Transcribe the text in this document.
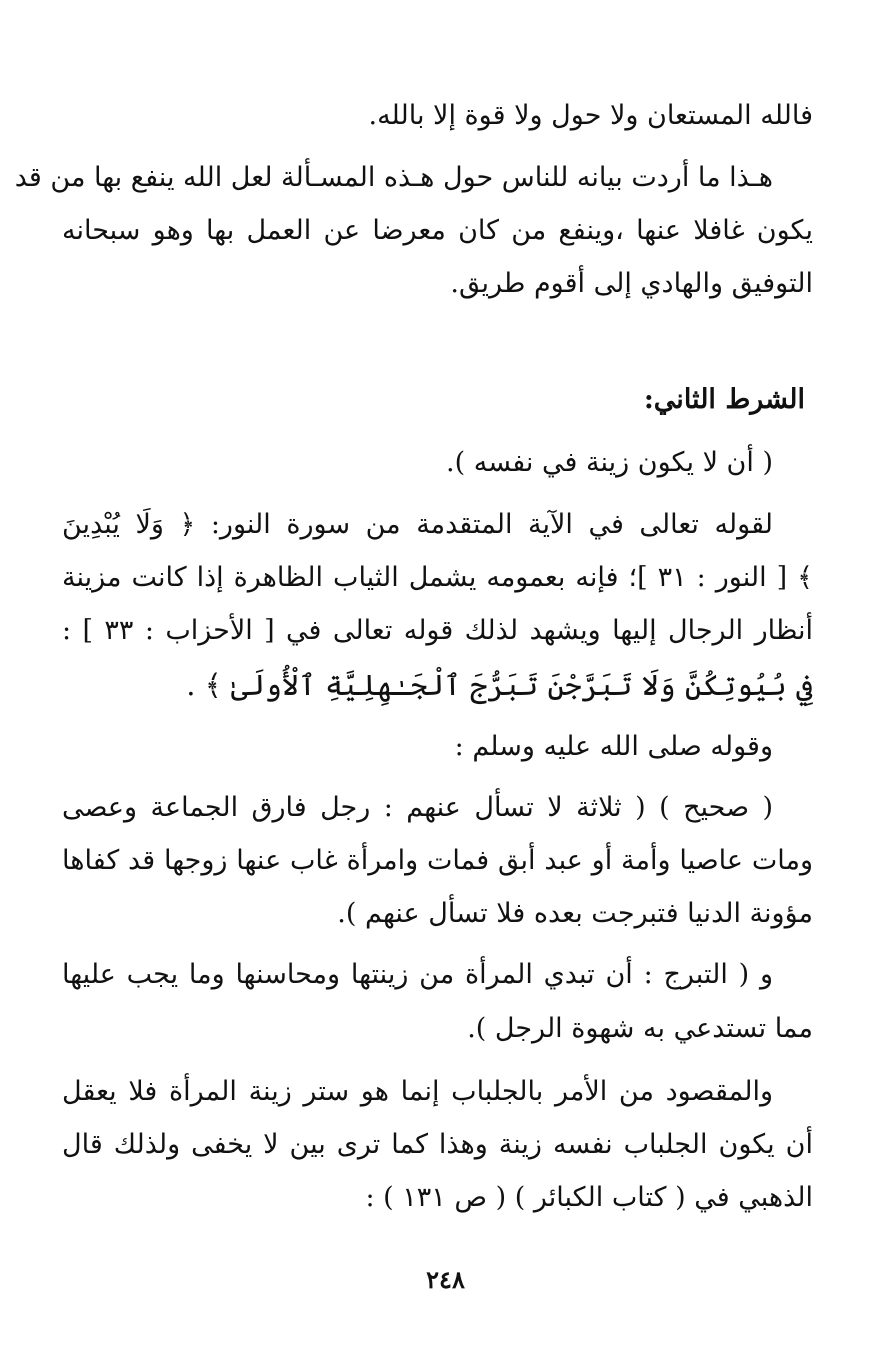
فالله المستعان ولا حول ولا قوة إلا بالله.
هـذا ما أردت بيانه للناس حول هـذه المسـألة لعل الله ينفع بها من قد
يكون غافلا عنها ،وينفع من كان معرضا عن العمل بها وهو سبحانه
التوفيق والهادي إلى أقوم طريق.
الشرط الثاني:
( أن لا يكون زينة في نفسه ).
لقوله تعالى في الآية المتقدمة من سورة النور: ﴿ وَلَا يُبْدِينَ
﴾ [ النور : ٣١ ]؛ فإنه بعمومه يشمل الثياب الظاهرة إذا كانت مزينة
أنظار الرجال إليها ويشهد لذلك قوله تعالى في [ الأحزاب : ٣٣ ] :
فِي بُيُوتِكُنَّ وَلَا تَبَرَّجْنَ تَبَرُّجَ ٱلْجَـٰهِلِيَّةِ ٱلْأُولَىٰ ﴾ .
وقوله صلى الله عليه وسلم :
( صحيح ) ( ثلاثة لا تسأل عنهم : رجل فارق الجماعة وعصى
ومات عاصيا وأمة أو عبد أبق فمات وامرأة غاب عنها زوجها قد كفاها
مؤونة الدنيا فتبرجت بعده فلا تسأل عنهم ).
و ( التبرج : أن تبدي المرأة من زينتها ومحاسنها وما يجب عليها
مما تستدعي به شهوة الرجل ).
والمقصود من الأمر بالجلباب إنما هو ستر زينة المرأة فلا يعقل
أن يكون الجلباب نفسه زينة وهذا كما ترى بين لا يخفى ولذلك قال
الذهبي في ( كتاب الكبائر ) ( ص ١٣١ ) :
٢٤٨
